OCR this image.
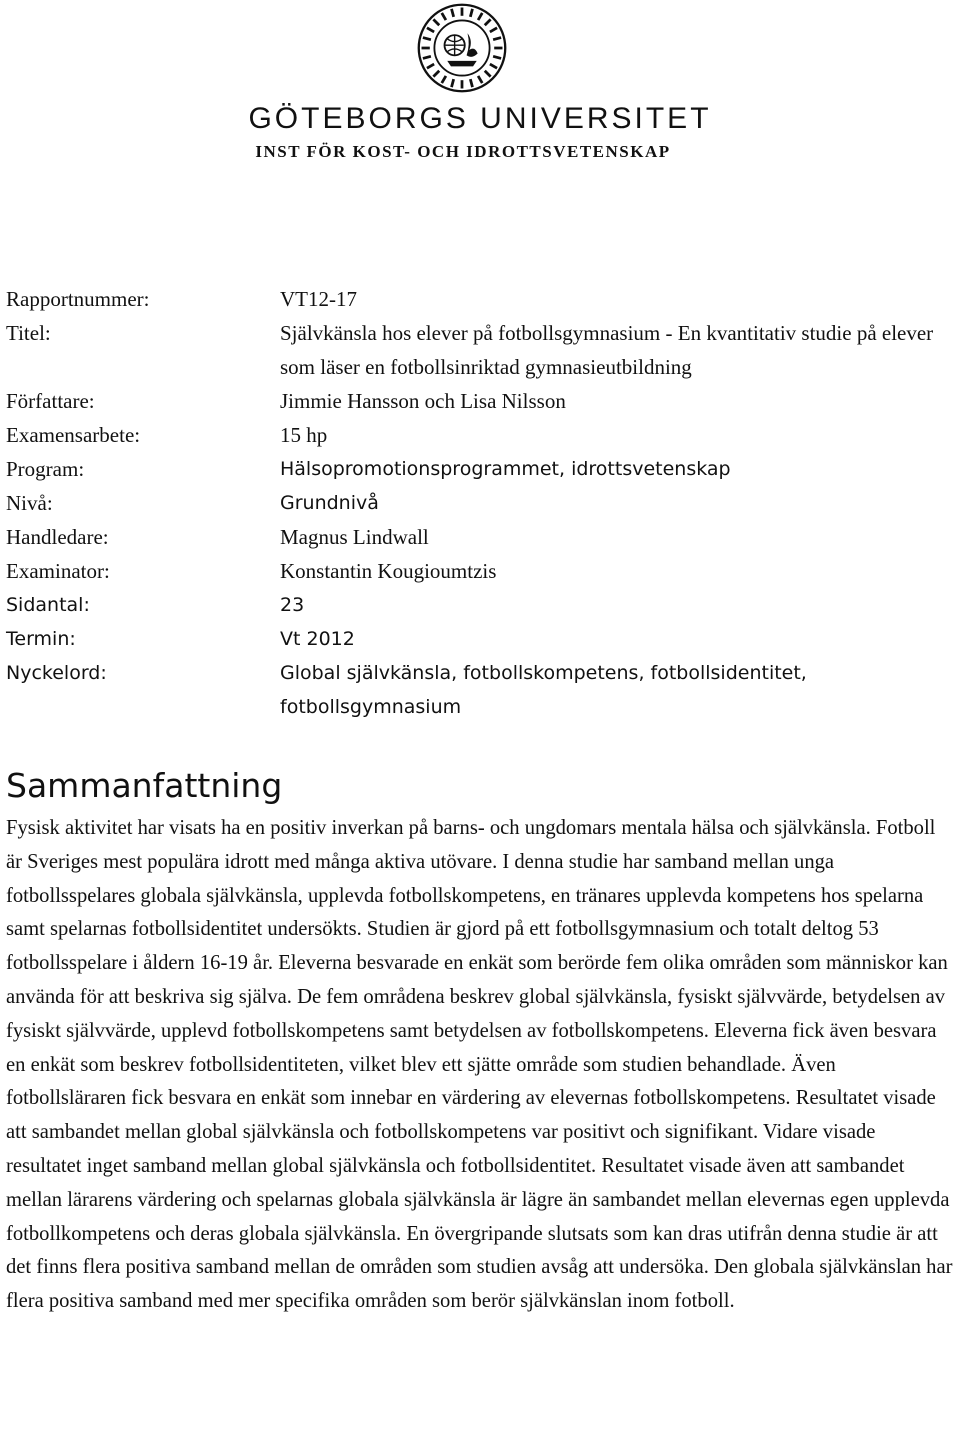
GÖTEBORGS UNIVERSITET
INST FÖR KOST- OCH IDROTTSVETENSKAP
Rapportnummer:	VT12-17
Titel:	Självkänsla hos elever på fotbollsgymnasium - En kvantitativ studie på elever som läser en fotbollsinriktad gymnasieutbildning
Författare:	Jimmie Hansson och Lisa Nilsson
Examensarbete:	15 hp
Program:	Hälsopromotionsprogrammet, idrottsvetenskap
Nivå:	Grundnivå
Handledare:	Magnus Lindwall
Examinator:	Konstantin Kougioumtzis
Sidantal:	23
Termin:	Vt 2012
Nyckelord:	Global självkänsla, fotbollskompetens, fotbollsidentitet, fotbollsgymnasium
Sammanfattning
Fysisk aktivitet har visats ha en positiv inverkan på barns- och ungdomars mentala hälsa och självkänsla. Fotboll är Sveriges mest populära idrott med många aktiva utövare. I denna studie har samband mellan unga fotbollsspelares globala självkänsla, upplevda fotbollskompetens, en tränares upplevda kompetens hos spelarna samt spelarnas fotbollsidentitet undersökts. Studien är gjord på ett fotbollsgymnasium och totalt deltog 53 fotbollsspelare i åldern 16-19 år. Eleverna besvarade en enkät som berörde fem olika områden som människor kan använda för att beskriva sig själva. De fem områdena beskrev global självkänsla, fysiskt självvärde, betydelsen av fysiskt självvärde, upplevd fotbollskompetens samt betydelsen av fotbollskompetens. Eleverna fick även besvara en enkät som beskrev fotbollsidentiteten, vilket blev ett sjätte område som studien behandlade. Även fotbollsläraren fick besvara en enkät som innebar en värdering av elevernas fotbollskompetens. Resultatet visade att sambandet mellan global självkänsla och fotbollskompetens var positivt och signifikant. Vidare visade resultatet inget samband mellan global självkänsla och fotbollsidentitet. Resultatet visade även att sambandet mellan lärarens värdering och spelarnas globala självkänsla är lägre än sambandet mellan elevernas egen upplevda fotbollkompetens och deras globala självkänsla. En övergripande slutsats som kan dras utifrån denna studie är att det finns flera positiva samband mellan de områden som studien avsåg att undersöka. Den globala självkänslan har flera positiva samband med mer specifika områden som berör självkänslan inom fotboll.
